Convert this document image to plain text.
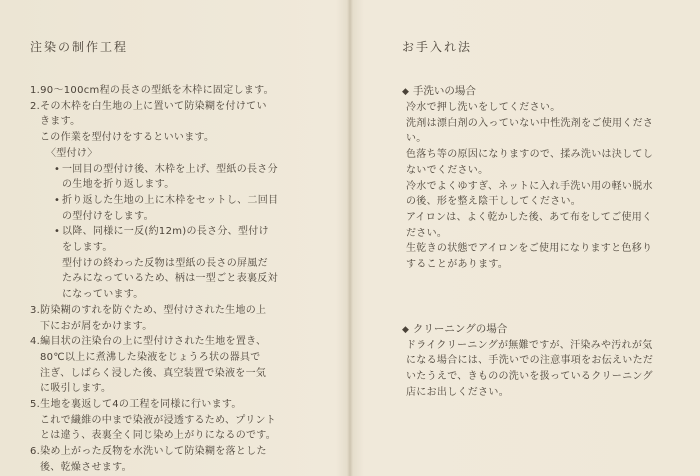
注染の制作工程
1.90〜100cm程の長さの型紙を木枠に固定します。
2.その木枠を白生地の上に置いて防染糊を付けてい
きます。
この作業を型付けをするといいます。
〈型付け〉
• 一回目の型付け後、木枠を上げ、型紙の長さ分
の生地を折り返します。
• 折り返した生地の上に木枠をセットし、二回目
の型付けをします。
• 以降、同様に一反(約12m)の長さ分、型付け
をします。
型付けの終わった反物は型紙の長さの屏風だ
たみになっているため、柄は一型ごと表裏反対
になっています。
3.防染糊のすれを防ぐため、型付けされた生地の上
下におが屑をかけます。
4.編目状の注染台の上に型付けされた生地を置き、
80℃以上に煮沸した染液をじょうろ状の器具で
注ぎ、しばらく浸した後、真空装置で染液を一気
に吸引します。
5.生地を裏返して4の工程を同様に行います。
これで繊維の中まで染液が浸透するため、プリント
とは違う、表裏全く同じ染め上がりになるのです。
6.染め上がった反物を水洗いして防染糊を落とした
後、乾燥させます。
お手入れ法
◆ 手洗いの場合
冷水で押し洗いをしてください。
洗剤は漂白剤の入っていない中性洗剤をご使用くださ
い。
色落ち等の原因になりますので、揉み洗いは決してし
ないでください。
冷水でよくゆすぎ、ネットに入れ手洗い用の軽い脱水
の後、形を整え陰干ししてください。
アイロンは、よく乾かした後、あて布をしてご使用く
ださい。
生乾きの状態でアイロンをご使用になりますと色移り
することがあります。
◆ クリーニングの場合
ドライクリーニングが無難ですが、汗染みや汚れが気
になる場合には、手洗いでの注意事項をお伝えいただ
いたうえで、きものの洗いを扱っているクリーニング
店にお出しください。
